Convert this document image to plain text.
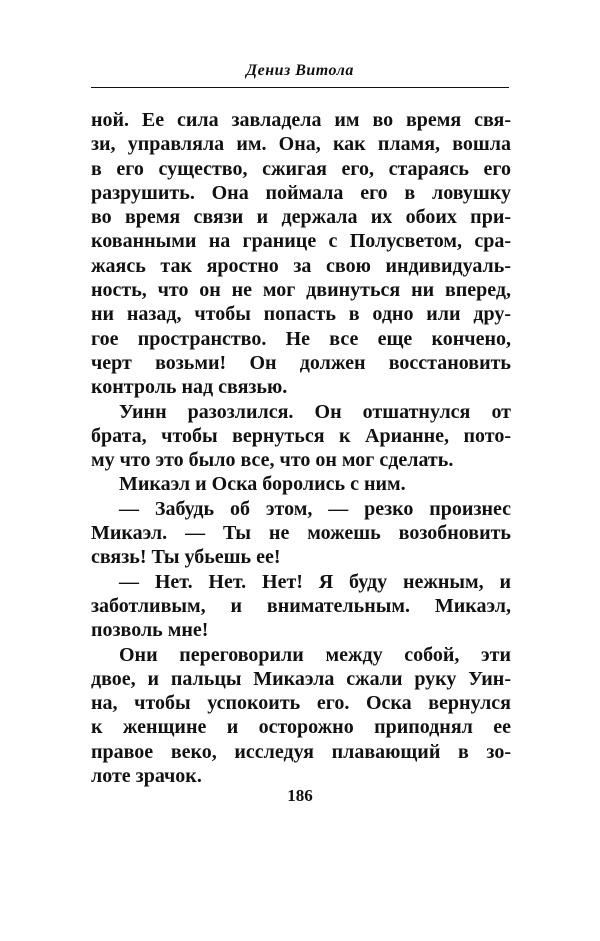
Дениз Витола
ной. Ее сила завладела им во время свя-
зи, управляла им. Она, как пламя, вошла
в его существо, сжигая его, стараясь его
разрушить. Она поймала его в ловушку
во время связи и держала их обоих при-
кованными на границе с Полусветом, сра-
жаясь так яростно за свою индивидуаль-
ность, что он не мог двинуться ни вперед,
ни назад, чтобы попасть в одно или дру-
гое пространство. Не все еще кончено,
черт возьми! Он должен восстановить
контроль над связью.
Уинн разозлился. Он отшатнулся от
брата, чтобы вернуться к Арианне, пото-
му что это было все, что он мог сделать.
Микаэл и Оска боролись с ним.
— Забудь об этом, — резко произнес
Микаэл. — Ты не можешь возобновить
связь! Ты убьешь ее!
— Нет. Нет. Нет! Я буду нежным, и
заботливым, и внимательным. Микаэл,
позволь мне!
Они переговорили между собой, эти
двое, и пальцы Микаэла сжали руку Уин-
на, чтобы успокоить его. Оска вернулся
к женщине и осторожно приподнял ее
правое веко, исследуя плавающий в зо-
лоте зрачок.
186
